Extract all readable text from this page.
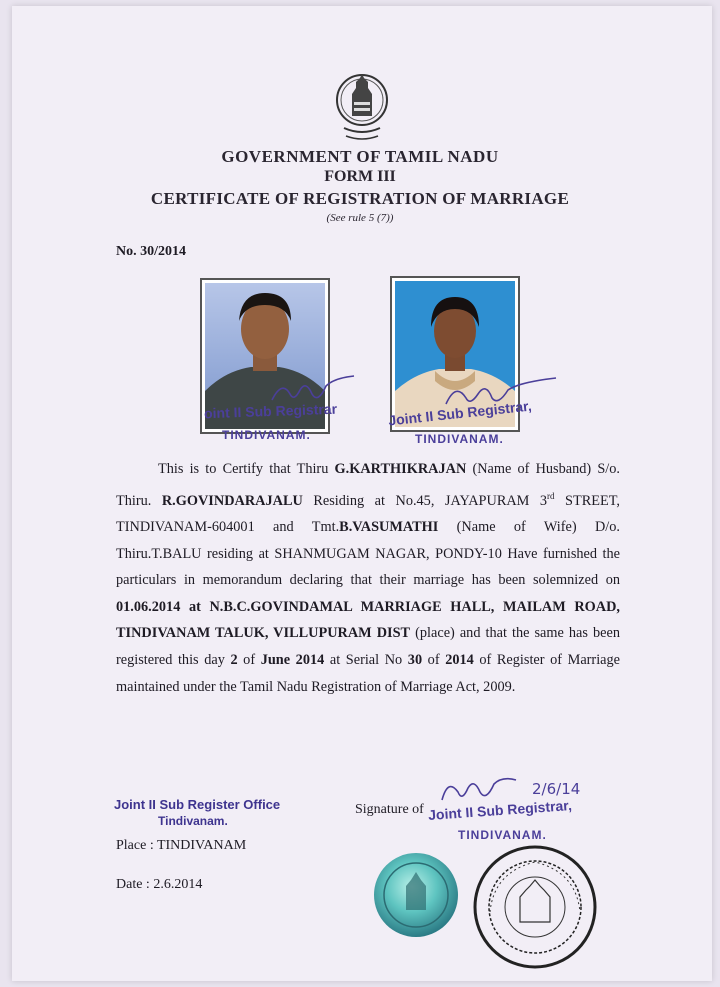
GOVERNMENT OF TAMIL NADU
FORM III
CERTIFICATE OF REGISTRATION OF MARRIAGE
(See rule 5 (7))
No. 30/2014
oint II Sub Registrar
TINDIVANAM.
Joint II Sub Registrar,
TINDIVANAM.

This is to Certify that Thiru G.KARTHIKRAJAN (Name of Husband) S/o. Thiru. R.GOVINDARAJALU Residing at No.45, JAYAPURAM 3rd STREET, TINDIVANAM-604001 and Tmt.B.VASUMATHI (Name of Wife) D/o. Thiru.T.BALU residing at SHANMUGAM NAGAR, PONDY-10 Have furnished the particulars in memorandum declaring that their marriage has been solemnized on 01.06.2014 at N.B.C.GOVINDAMAL MARRIAGE HALL, MAILAM ROAD, TINDIVANAM TALUK, VILLUPURAM DIST (place) and that the same has been registered this day 2 of June 2014 at Serial No 30 of 2014 of Register of Marriage maintained under the Tamil Nadu Registration of Marriage Act, 2009.

Joint II Sub Register Office
Tindivanam.
Place : TINDIVANAM
Date : 2.6.2014
Signature of
2/6/14
Joint II Sub Registrar,
TINDIVANAM.
